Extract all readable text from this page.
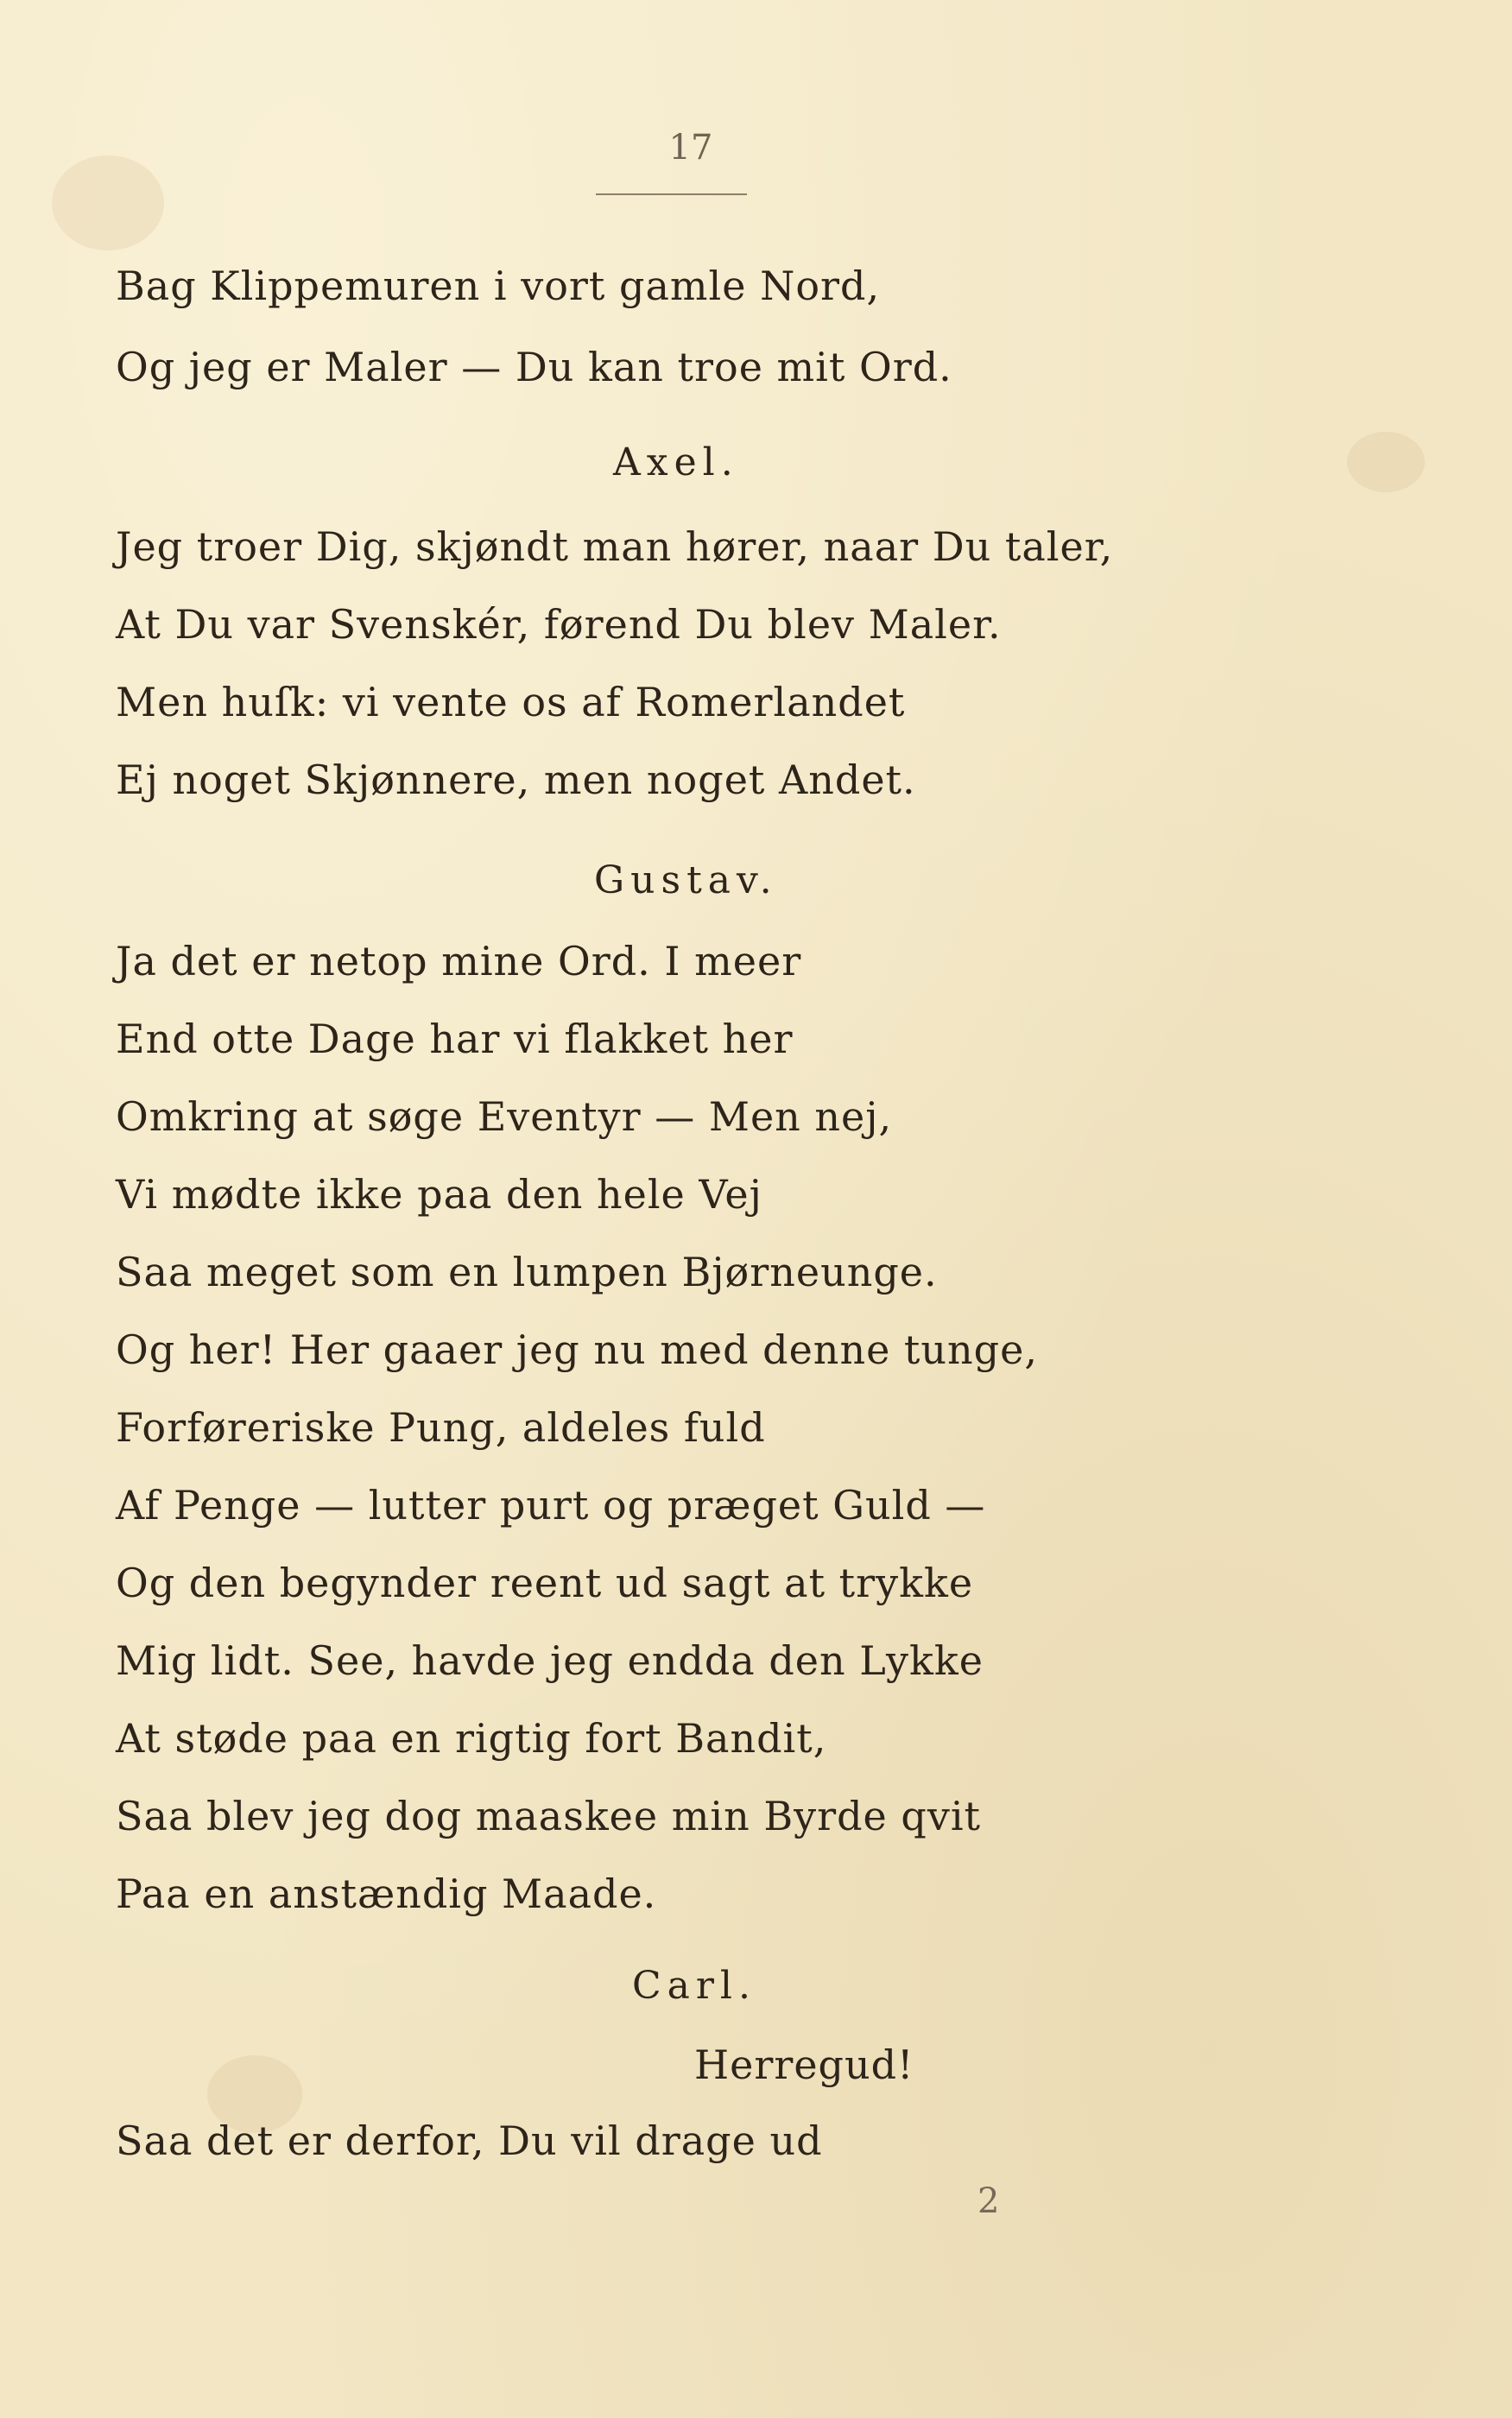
17
Bag Klippemuren i vort gamle Nord,
Og jeg er Maler — Du kan troe mit Ord.
Axel.
Jeg troer Dig, skjøndt man hører, naar Du taler,
At Du var Svenskér, førend Du blev Maler.
Men huſk: vi vente os af Romerlandet
Ej noget Skjønnere, men noget Andet.
Gustav.
Ja det er netop mine Ord. I meer
End otte Dage har vi flakket her
Omkring at søge Eventyr — Men nej,
Vi mødte ikke paa den hele Vej
Saa meget som en lumpen Bjørneunge.
Og her! Her gaaer jeg nu med denne tunge,
Forføreriske Pung, aldeles fuld
Af Penge — lutter purt og præget Guld —
Og den begynder reent ud sagt at trykke
Mig lidt. See, havde jeg endda den Lykke
At støde paa en rigtig fort Bandit,
Saa blev jeg dog maaskee min Byrde qvit
Paa en anstændig Maade.
Carl.
Herregud!
Saa det er derfor, Du vil drage ud
2
